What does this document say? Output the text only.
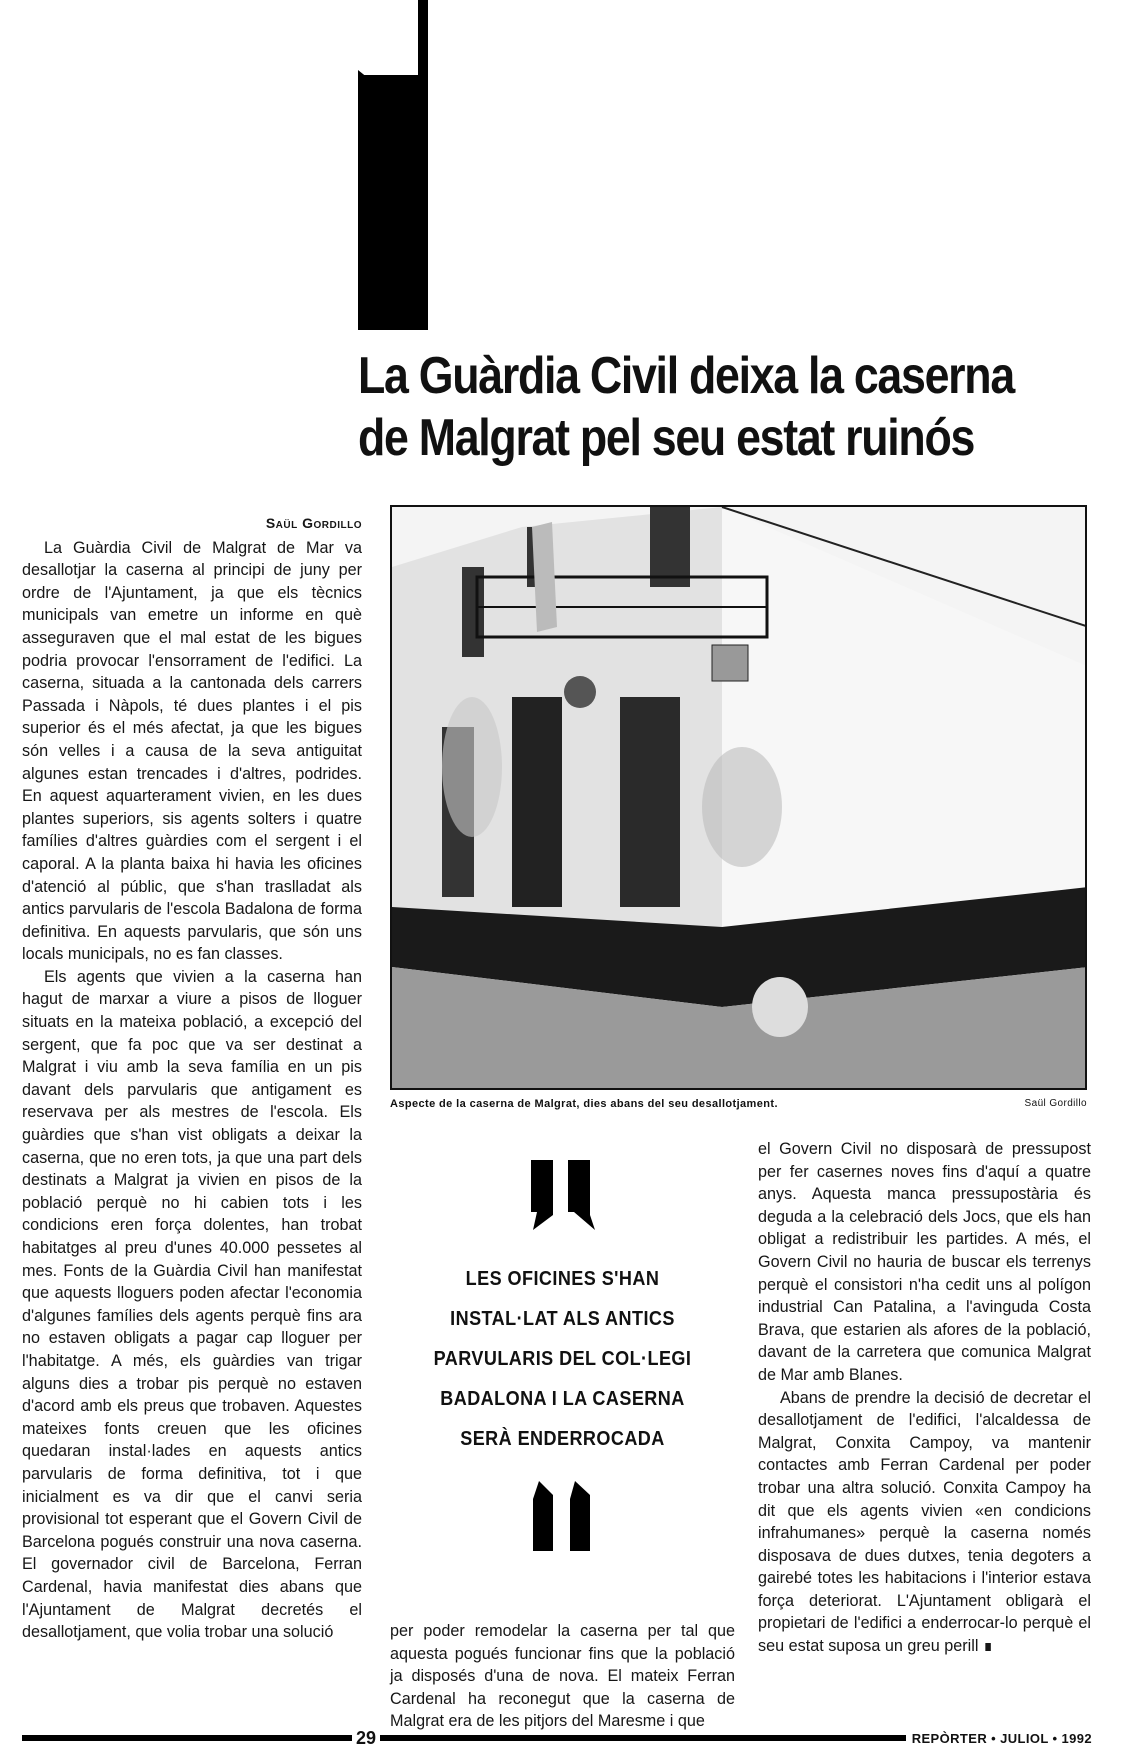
La Guàrdia Civil deixa la caserna
de Malgrat pel seu estat ruinós
Saül Gordillo

La Guàrdia Civil de Malgrat de Mar va desallotjar la caserna al principi de juny per ordre de l'Ajuntament, ja que els tècnics municipals van emetre un informe en què asseguraven que el mal estat de les bigues podria provocar l'ensorrament de l'edifici. La caserna, situada a la cantonada dels carrers Passada i Nàpols, té dues plantes i el pis superior és el més afectat, ja que les bigues són velles i a causa de la seva antiguitat algunes estan trencades i d'altres, podrides. En aquest aquarterament vivien, en les dues plantes superiors, sis agents solters i quatre famílies d'altres guàrdies com el sergent i el caporal. A la planta baixa hi havia les oficines d'atenció al públic, que s'han traslladat als antics parvularis de l'escola Badalona de forma definitiva. En aquests parvularis, que són uns locals municipals, no es fan classes.

Els agents que vivien a la caserna han hagut de marxar a viure a pisos de lloguer situats en la mateixa població, a excepció del sergent, que fa poc que va ser destinat a Malgrat i viu amb la seva família en un pis davant dels parvularis que antigament es reservava per als mestres de l'escola. Els guàrdies que s'han vist obligats a deixar la caserna, que no eren tots, ja que una part dels destinats a Malgrat ja vivien en pisos de la població perquè no hi cabien tots i les condicions eren força dolentes, han trobat habitatges al preu d'unes 40.000 pessetes al mes. Fonts de la Guàrdia Civil han manifestat que aquests lloguers poden afectar l'economia d'algunes famílies dels agents perquè fins ara no estaven obligats a pagar cap lloguer per l'habitatge. A més, els guàrdies van trigar alguns dies a trobar pis perquè no estaven d'acord amb els preus que trobaven. Aquestes mateixes fonts creuen que les oficines quedaran instal·lades en aquests antics parvularis de forma definitiva, tot i que inicialment es va dir que el canvi seria provisional tot esperant que el Govern Civil de Barcelona pogués construir una nova caserna. El governador civil de Barcelona, Ferran Cardenal, havia manifestat dies abans que l'Ajuntament de Malgrat decretés el desallotjament, que volia trobar una solució

Aspecte de la caserna de Malgrat, dies abans del seu desallotjament.	Saül Gordillo
LES OFICINES S'HAN INSTAL·LAT ALS ANTICS PARVULARIS DEL COL·LEGI BADALONA I LA CASERNA SERÀ ENDERROCADA

per poder remodelar la caserna per tal que aquesta pogués funcionar fins que la població ja disposés d'una de nova. El mateix Ferran Cardenal ha reconegut que la caserna de Malgrat era de les pitjors del Maresme i que

el Govern Civil no disposarà de pressupost per fer casernes noves fins d'aquí a quatre anys. Aquesta manca pressupostària és deguda a la celebració dels Jocs, que els han obligat a redistribuir les partides. A més, el Govern Civil no hauria de buscar els terrenys perquè el consistori n'ha cedit uns al polígon industrial Can Patalina, a l'avinguda Costa Brava, que estarien als afores de la població, davant de la carretera que comunica Malgrat de Mar amb Blanes.

Abans de prendre la decisió de decretar el desallotjament de l'edifici, l'alcaldessa de Malgrat, Conxita Campoy, va mantenir contactes amb Ferran Cardenal per poder trobar una altra solució. Conxita Campoy ha dit que els agents vivien «en condicions infrahumanes» perquè la caserna només disposava de dues dutxes, tenia degoters a gairebé totes les habitacions i l'interior estava força deteriorat. L'Ajuntament obligarà el propietari de l'edifici a enderrocar-lo perquè el seu estat suposa un greu perill ∎

29	REPÒRTER • JULIOL • 1992
